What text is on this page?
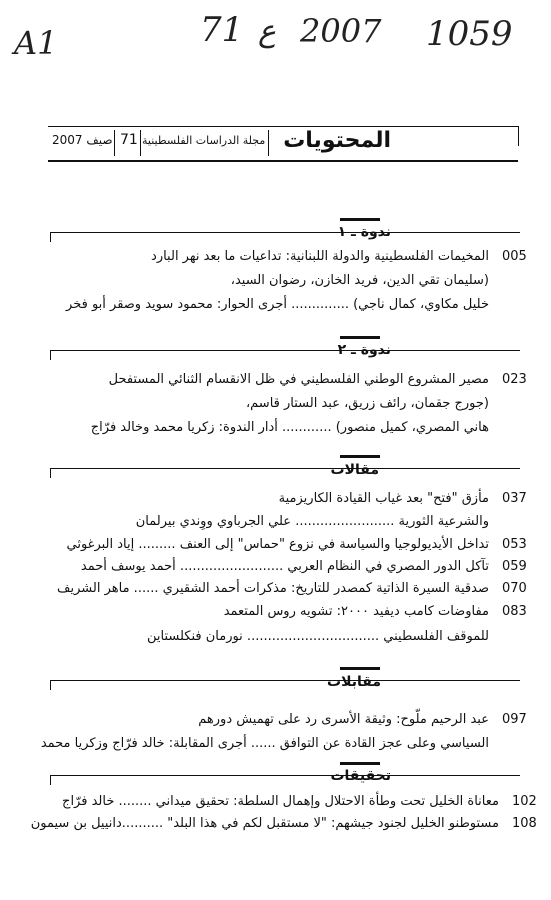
A1	71 ع 2007 1059
المحتويات
مجلة الدراسات الفلسطينية
71
صيف 2007
ندوة ـ ١
005
المخيمات الفلسطينية والدولة اللبنانية: تداعيات ما بعد نهر البارد
(سليمان تقي الدين، فريد الخازن، رضوان السيد،
خليل مكاوي، كمال ناجي) .............. أجرى الحوار: محمود سويد وصقر أبو فخر
ندوة ـ ٢
023
مصير المشروع الوطني الفلسطيني في ظل الانقسام الثنائي المستفحل
(جورج جقمان، رائف زريق، عبد الستار قاسم،
هاني المصري، كميل منصور) ............ أدار الندوة: زكريا محمد وخالد فرّاج
مقالات
037
مأزق "فتح" بعد غياب القيادة الكاريزمية
والشرعية الثورية ........................ علي الجرباوي ووِندي بيرلمان
053
تداخل الأيديولوجيا والسياسة في نزوع "حماس" إلى العنف ......... إياد البرغوثي
059
تآكل الدور المصري في النظام العربي ......................... أحمد يوسف أحمد
070
صدقية السيرة الذاتية كمصدر للتاريخ: مذكرات أحمد الشقيري ...... ماهر الشريف
083
مفاوضات كامب ديفيد ٢٠٠٠: تشويه روس المتعمد
للموقف الفلسطيني ................................ نورمان فنكلستاين
مقابلات
097
عبد الرحيم ملّوح: وثيقة الأسرى رد على تهميش دورهم
السياسي وعلى عجز القادة عن التوافق ...... أجرى المقابلة: خالد فرّاج وزكريا محمد
تحقيقات
102
معاناة الخليل تحت وطأة الاحتلال وإهمال السلطة: تحقيق ميداني ........ خالد فرّاج
108
مستوطنو الخليل لجنود جيشهم: "لا مستقبل لكم في هذا البلد" ..........دانييل بن سيمون
